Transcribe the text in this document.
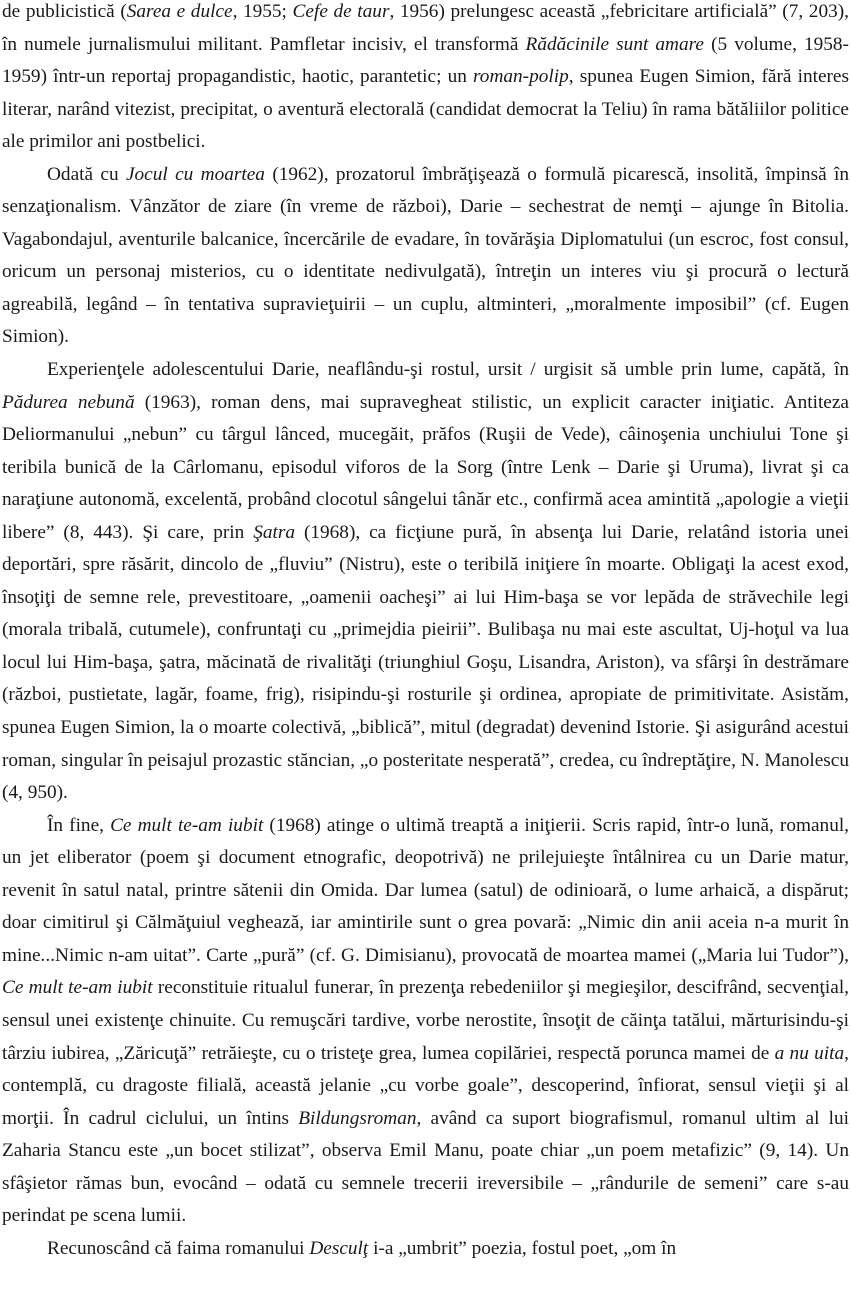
de publicistică (Sarea e dulce, 1955; Cefe de taur, 1956) prelungesc această „febricitare artificială” (7, 203), în numele jurnalismului militant. Pamfletar incisiv, el transformă Rădăcinile sunt amare (5 volume, 1958-1959) într-un reportaj propagandistic, haotic, parantetic; un roman-polip, spunea Eugen Simion, fără interes literar, narând vitezist, precipitat, o aventură electorală (candidat democrat la Teliu) în rama bătăliilor politice ale primilor ani postbelici.

Odată cu Jocul cu moartea (1962), prozatorul îmbrăţişează o formulă picarescă, insolită, împinsă în senzaţionalism. Vânzător de ziare (în vreme de război), Darie – sechestrat de nemţi – ajunge în Bitolia. Vagabondajul, aventurile balcanice, încercările de evadare, în tovărăşia Diplomatului (un escroc, fost consul, oricum un personaj misterios, cu o identitate nedivulgată), întreţin un interes viu şi procură o lectură agreabilă, legând – în tentativa supravieţuirii – un cuplu, altminteri, „moralmente imposibil” (cf. Eugen Simion).

Experienţele adolescentului Darie, neaflându-şi rostul, ursit / urgisit să umble prin lume, capătă, în Pădurea nebună (1963), roman dens, mai supravegheat stilistic, un explicit caracter iniţiatic. Antiteza Deliormanului „nebun” cu târgul lânced, mucegăit, prăfos (Ruşii de Vede), câinoşenia unchiului Tone şi teribila bunică de la Cârlomanu, episodul viforos de la Sorg (între Lenk – Darie şi Uruma), livrat şi ca naraţiune autonomă, excelentă, probând clocotul sângelui tânăr etc., confirmă acea amintită „apologie a vieţii libere” (8, 443). Şi care, prin Şatra (1968), ca ficţiune pură, în absenţa lui Darie, relatând istoria unei deportări, spre răsărit, dincolo de „fluviu” (Nistru), este o teribilă iniţiere în moarte. Obligaţi la acest exod, însoţiţi de semne rele, prevestitoare, „oamenii oacheşi” ai lui Him-başa se vor lepăda de străvechile legi (morala tribală, cutumele), confruntaţi cu „primejdia pieirii”. Bulibaşa nu mai este ascultat, Uj-hoţul va lua locul lui Him-başa, şatra, măcinată de rivalităţi (triunghiul Goşu, Lisandra, Ariston), va sfârşi în destrămare (război, pustietate, lagăr, foame, frig), risipindu-şi rosturile şi ordinea, apropiate de primitivitate. Asistăm, spunea Eugen Simion, la o moarte colectivă, „biblică”, mitul (degradat) devenind Istorie. Şi asigurând acestui roman, singular în peisajul prozastic stăncian, „o posteritate nesperată”, credea, cu îndreptăţire, N. Manolescu (4, 950).

În fine, Ce mult te-am iubit (1968) atinge o ultimă treaptă a iniţierii. Scris rapid, într-o lună, romanul, un jet eliberator (poem şi document etnografic, deopotrivă) ne prilejuieşte întâlnirea cu un Darie matur, revenit în satul natal, printre sătenii din Omida. Dar lumea (satul) de odinioară, o lume arhaică, a dispărut; doar cimitirul şi Călmăţuiul veghează, iar amintirile sunt o grea povară: „Nimic din anii aceia n-a murit în mine...Nimic n-am uitat”. Carte „pură” (cf. G. Dimisianu), provocată de moartea mamei („Maria lui Tudor”), Ce mult te-am iubit reconstituie ritualul funerar, în prezenţa rebedeniilor şi megieşilor, descifrând, secvenţial, sensul unei existenţe chinuite. Cu remuşcări tardive, vorbe nerostite, însoţit de căinţa tatălui, mărturisindu-şi târziu iubirea, „Zăricuţă” retrăieşte, cu o tristeţe grea, lumea copilăriei, respectă porunca mamei de a nu uita, contemplă, cu dragoste filială, această jelanie „cu vorbe goale”, descoperind, înfiorat, sensul vieţii şi al morţii. În cadrul ciclului, un întins Bildungsroman, având ca suport biografismul, romanul ultim al lui Zaharia Stancu este „un bocet stilizat”, observa Emil Manu, poate chiar „un poem metafizic” (9, 14). Un sfâşietor rămas bun, evocând – odată cu semnele trecerii ireversibile – „rândurile de semeni” care s-au perindat pe scena lumii.

Recunoscând că faima romanului Desculţ i-a „umbrit” poezia, fostul poet, „om în
